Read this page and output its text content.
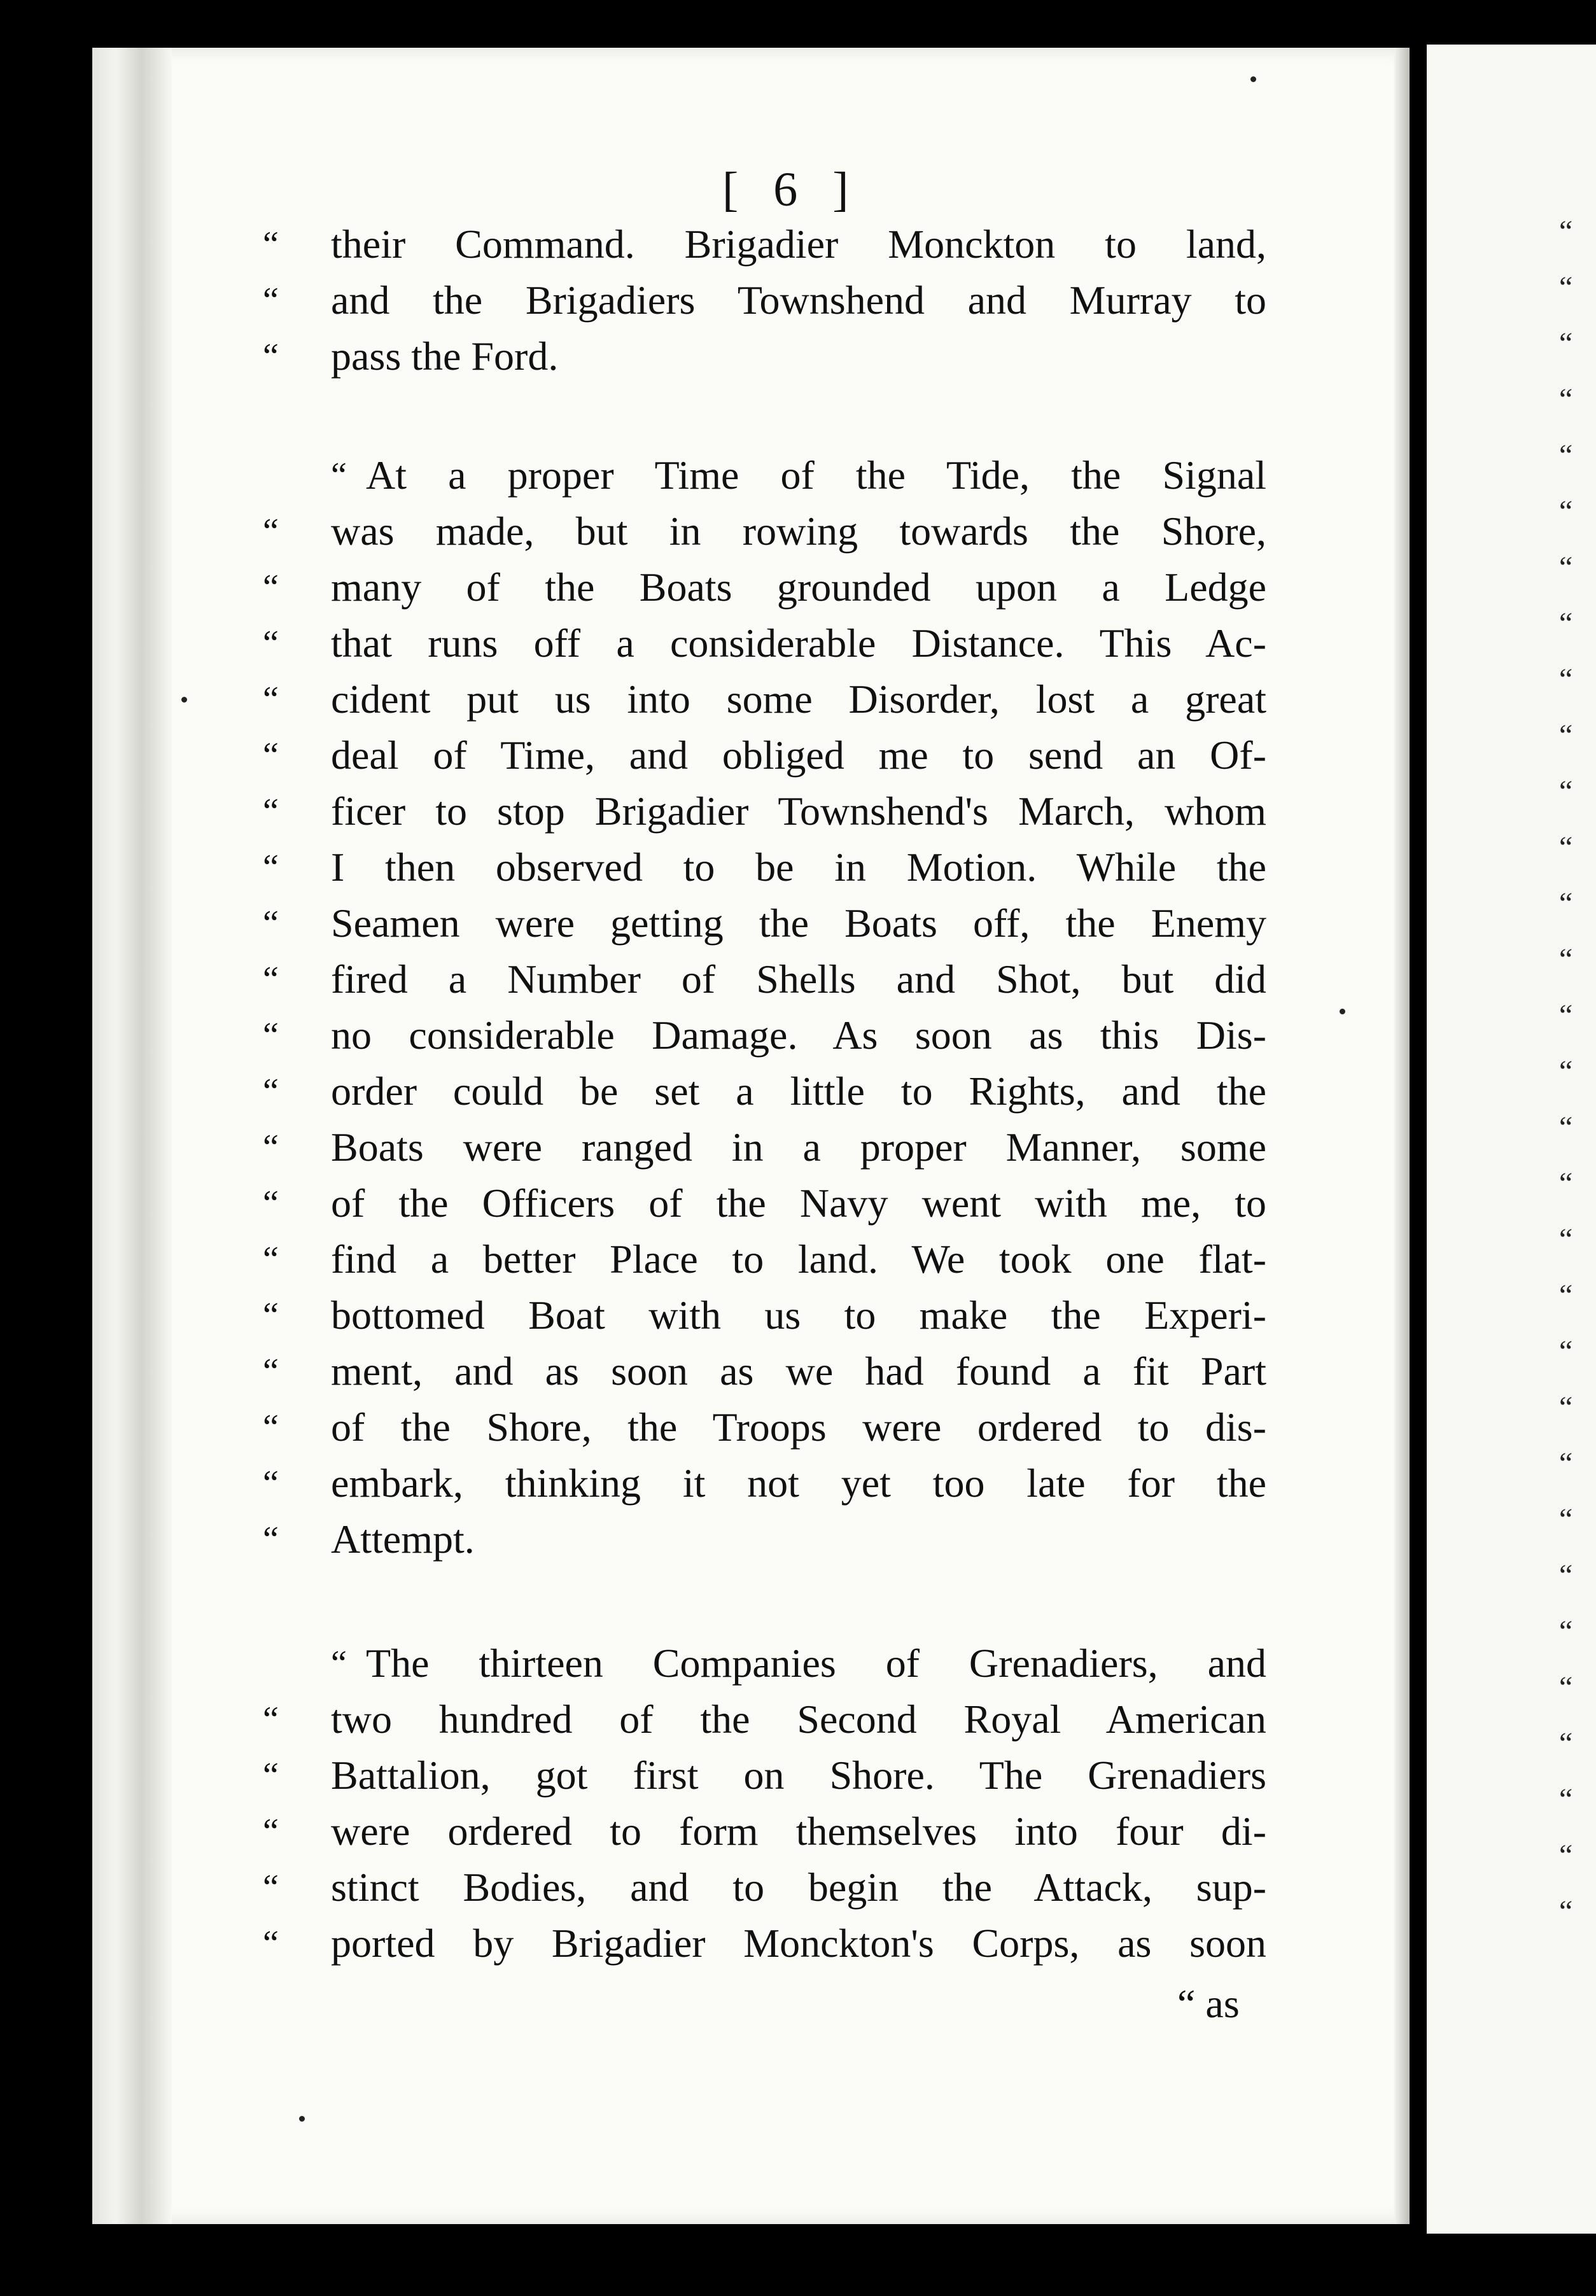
[ 6 ]
“	their Command. Brigadier Monckton to land,
“	and the Brigadiers Townshend and Murray to
“	pass the Ford.
“ At a proper Time of the Tide, the Signal
“	was made, but in rowing towards the Shore,
“	many of the Boats grounded upon a Ledge
“	that runs off a considerable Distance. This Ac-
“	cident put us into some Disorder, lost a great
“	deal of Time, and obliged me to send an Of-
“	ficer to stop Brigadier Townshend's March, whom
“	I then observed to be in Motion. While the
“	Seamen were getting the Boats off, the Enemy
“	fired a Number of Shells and Shot, but did
“	no considerable Damage. As soon as this Dis-
“	order could be set a little to Rights, and the
“	Boats were ranged in a proper Manner, some
“	of the Officers of the Navy went with me, to
“	find a better Place to land. We took one flat-
“	bottomed Boat with us to make the Experi-
“	ment, and as soon as we had found a fit Part
“	of the Shore, the Troops were ordered to dis-
“	embark, thinking it not yet too late for the
“	Attempt.
“ The thirteen Companies of Grenadiers, and
“	two hundred of the Second Royal American
“	Battalion, got first on Shore. The Grenadiers
“	were ordered to form themselves into four di-
“	stinct Bodies, and to begin the Attack, sup-
“	ported by Brigadier Monckton's Corps, as soon
“ as
“
“
“
“
“
“
“
“
“
“
“
“
“
“
“
“
“
“
“
“
“
“
“
“
“
“
“
“
“
“
“
